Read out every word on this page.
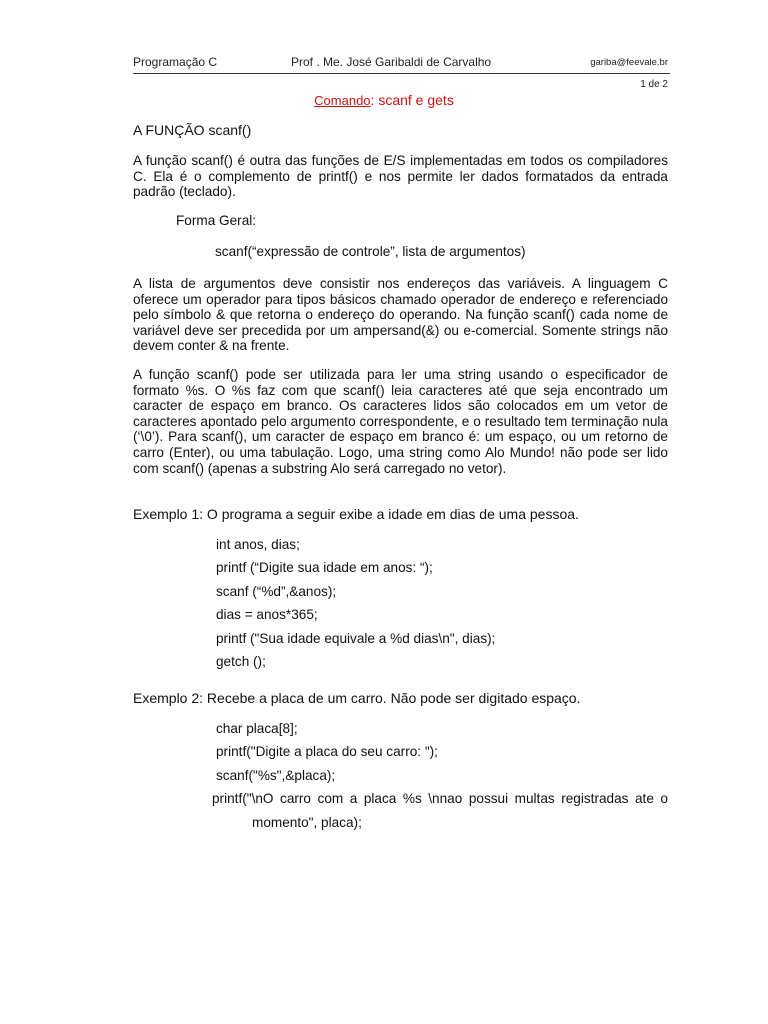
Programação C	Prof . Me. José Garibaldi de Carvalho	gariba@feevale.br
1 de 2
Comando: scanf e gets
A FUNÇÃO scanf()
A função scanf() é outra das funções de E/S implementadas em todos os compiladores C. Ela é o complemento de printf() e nos permite ler dados formatados da entrada padrão (teclado).
Forma Geral:
scanf(“expressão de controle”, lista de argumentos)
A lista de argumentos deve consistir nos endereços das variáveis. A linguagem C oferece um operador para tipos básicos chamado operador de endereço e referenciado pelo símbolo & que retorna o endereço do operando. Na função scanf() cada nome de variável deve ser precedida por um ampersand(&) ou e-comercial. Somente strings não devem conter & na frente.
A função scanf() pode ser utilizada para ler uma string usando o especificador de formato %s. O %s faz com que scanf() leia caracteres até que seja encontrado um caracter de espaço em branco. Os caracteres lidos são colocados em um vetor de caracteres apontado pelo argumento correspondente, e o resultado tem terminação nula (‘\0’). Para scanf(), um caracter de espaço em branco é: um espaço, ou um retorno de carro (Enter), ou uma tabulação. Logo, uma string como Alo Mundo! não pode ser lido com scanf() (apenas a substring Alo será carregado no vetor).
Exemplo 1: O programa a seguir exibe a idade em dias de uma pessoa.
int anos, dias;
printf (“Digite sua idade em anos: “);
scanf (“%d”,&anos);
dias = anos*365;
printf ("Sua idade equivale a %d dias\n", dias);
getch ();
Exemplo 2: Recebe a placa de um carro. Não pode ser digitado espaço.
char placa[8];
printf("Digite a placa do seu carro: ");
scanf("%s",&placa);
printf("\nO carro com a placa %s \nnao possui multas registradas ate o
momento", placa);
